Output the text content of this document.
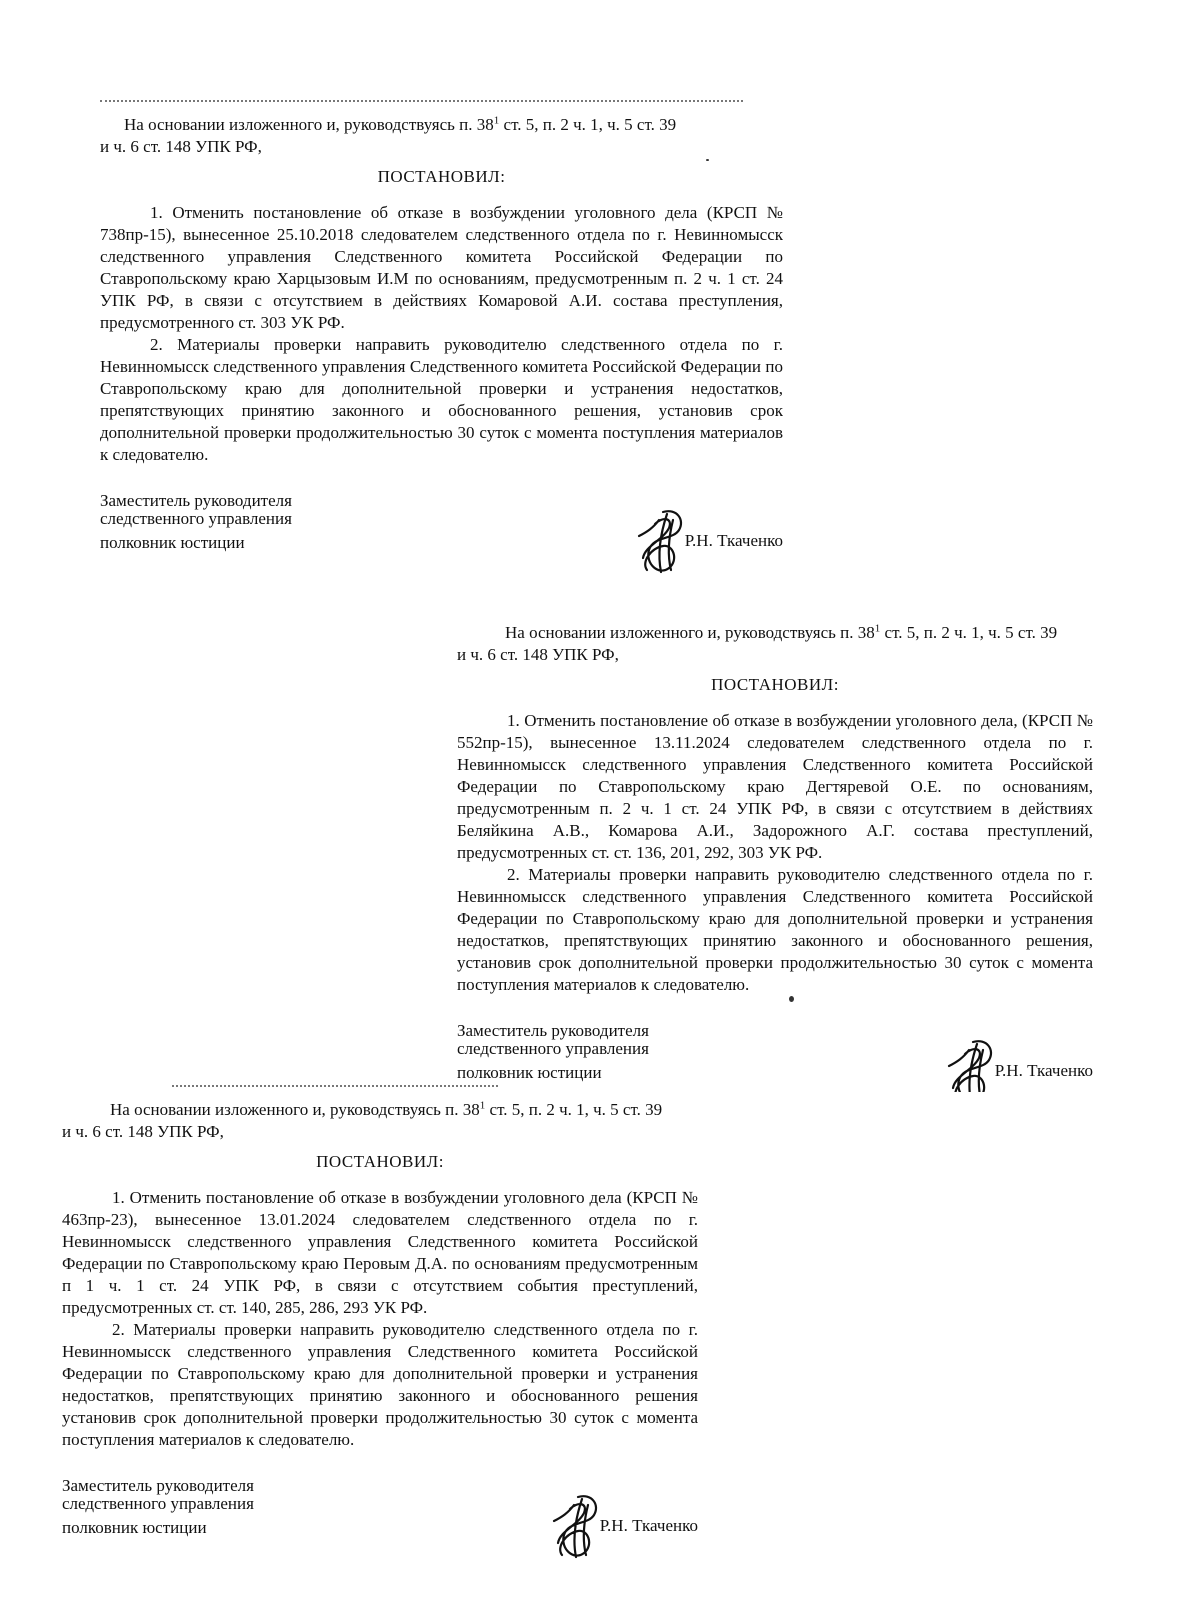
На основании изложенного и, руководствуясь п. $38^1$ ст. 5, п. 2 ч. 1, ч. 5 ст. 39

и ч. 6 ст. 148 УПК РФ,

ПОСТАНОВИЛ:

1. Отменить постановление об отказе в возбуждении уголовного дела (КРСП № 738пр-15), вынесенное 25.10.2018 следователем следственного отдела по г. Невинномысск следственного управления Следственного комитета Российской Федерации по Ставропольскому краю Харцызовым И.М по основаниям, предусмотренным п. 2 ч. 1 ст. 24 УПК РФ, в связи с отсутствием в действиях Комаровой А.И. состава преступления, предусмотренного ст. 303 УК РФ.

2. Материалы проверки направить руководителю следственного отдела по г. Невинномысск следственного управления Следственного комитета Российской Федерации по Ставропольскому краю для дополнительной проверки и устранения недостатков, препятствующих принятию законного и обоснованного решения, установив срок дополнительной проверки продолжительностью 30 суток с момента поступления материалов к следователю.

Заместитель руководителя
следственного управления
полковник юстиции	Р.Н. Ткаченко

На основании изложенного и, руководствуясь п. $38^1$ ст. 5, п. 2 ч. 1, ч. 5 ст. 39

и ч. 6 ст. 148 УПК РФ,

ПОСТАНОВИЛ:

1. Отменить постановление об отказе в возбуждении уголовного дела, (КРСП № 552пр-15), вынесенное 13.11.2024 следователем следственного отдела по г. Невинномысск следственного управления Следственного комитета Российской Федерации по Ставропольскому краю Дегтяревой О.Е. по основаниям, предусмотренным п. 2 ч. 1 ст. 24 УПК РФ, в связи с отсутствием в действиях Беляйкина А.В., Комарова А.И., Задорожного А.Г. состава преступлений, предусмотренных ст. ст. 136, 201, 292, 303 УК РФ.

2. Материалы проверки направить руководителю следственного отдела по г. Невинномысск следственного управления Следственного комитета Российской Федерации по Ставропольскому краю для дополнительной проверки и устранения недостатков, препятствующих принятию законного и обоснованного решения, установив срок дополнительной проверки продолжительностью 30 суток с момента поступления материалов к следователю.

Заместитель руководителя
следственного управления
полковник юстиции	Р.Н. Ткаченко

На основании изложенного и, руководствуясь п. $38^1$ ст. 5, п. 2 ч. 1, ч. 5 ст. 39

и ч. 6 ст. 148 УПК РФ,

ПОСТАНОВИЛ:

1. Отменить постановление об отказе в возбуждении уголовного дела (КРСП № 463пр-23), вынесенное 13.01.2024 следователем следственного отдела по г. Невинномысск следственного управления Следственного комитета Российской Федерации по Ставропольскому краю Перовым Д.А. по основаниям предусмотренным п 1 ч. 1 ст. 24 УПК РФ, в связи с отсутствием события преступлений, предусмотренных ст. ст. 140, 285, 286, 293 УК РФ.

2. Материалы проверки направить руководителю следственного отдела по г. Невинномысск следственного управления Следственного комитета Российской Федерации по Ставропольскому краю для дополнительной проверки и устранения недостатков, препятствующих принятию законного и обоснованного решения установив срок дополнительной проверки продолжительностью 30 суток с момента поступления материалов к следователю.

Заместитель руководителя
следственного управления
полковник юстиции	Р.Н. Ткаченко
